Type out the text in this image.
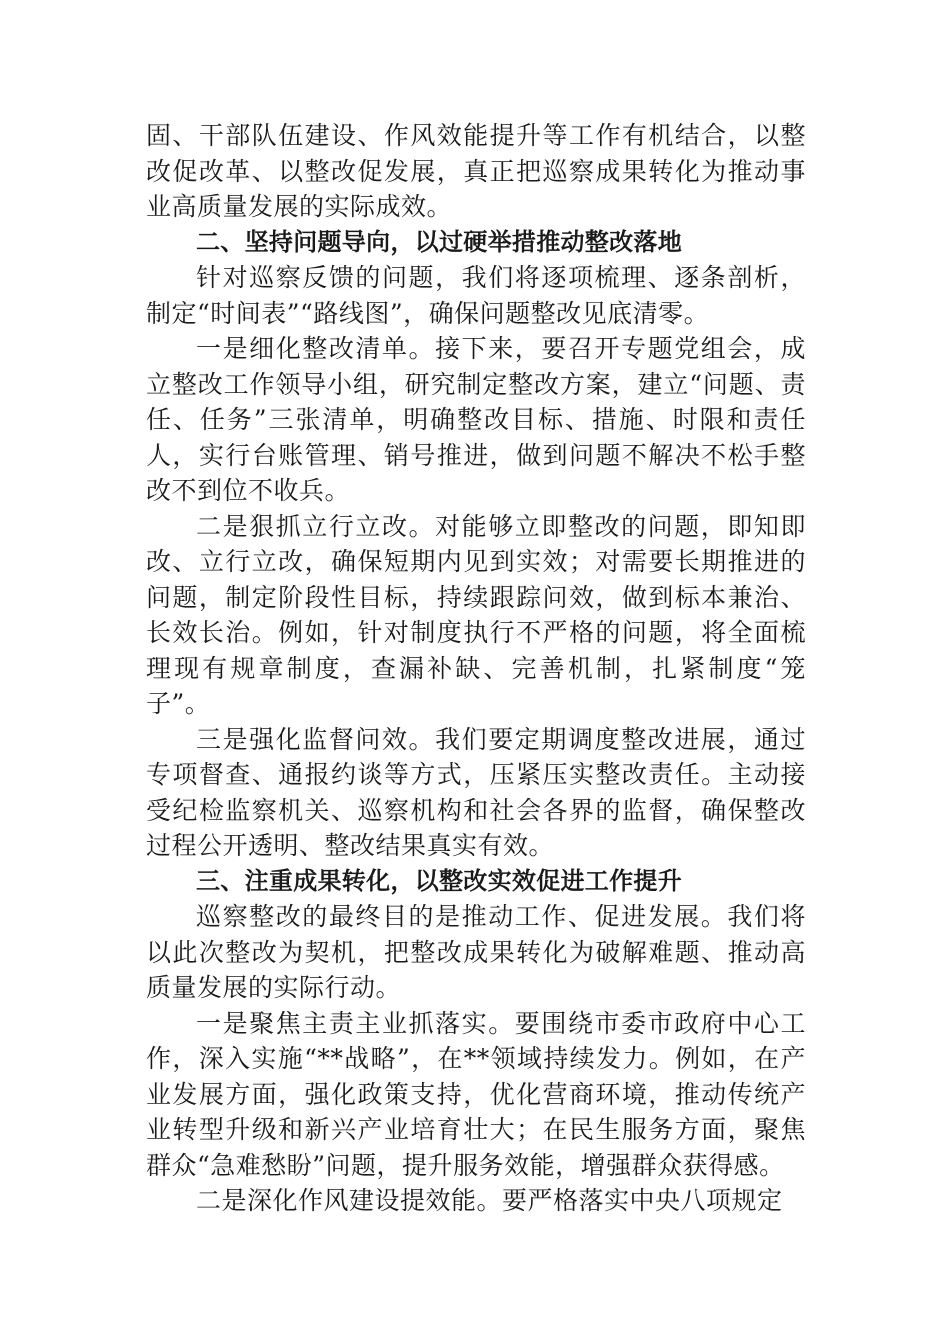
固、干部队伍建设、作风效能提升等工作有机结合，以整改促改革、以整改促发展，真正把巡察成果转化为推动事业高质量发展的实际成效。

二、坚持问题导向，以过硬举措推动整改落地

针对巡察反馈的问题，我们将逐项梳理、逐条剖析，制定“时间表”“路线图”，确保问题整改见底清零。

一是细化整改清单。接下来，要召开专题党组会，成立整改工作领导小组，研究制定整改方案，建立“问题、责任、任务”三张清单，明确整改目标、措施、时限和责任人，实行台账管理、销号推进，做到问题不解决不松手整改不到位不收兵。

二是狠抓立行立改。对能够立即整改的问题，即知即改、立行立改，确保短期内见到实效；对需要长期推进的问题，制定阶段性目标，持续跟踪问效，做到标本兼治、长效长治。例如，针对制度执行不严格的问题，将全面梳理现有规章制度，查漏补缺、完善机制，扎紧制度“笼子”。

三是强化监督问效。我们要定期调度整改进展，通过专项督查、通报约谈等方式，压紧压实整改责任。主动接受纪检监察机关、巡察机构和社会各界的监督，确保整改过程公开透明、整改结果真实有效。

三、注重成果转化，以整改实效促进工作提升

巡察整改的最终目的是推动工作、促进发展。我们将以此次整改为契机，把整改成果转化为破解难题、推动高质量发展的实际行动。

一是聚焦主责主业抓落实。要围绕市委市政府中心工作，深入实施“**战略”，在**领域持续发力。例如，在产业发展方面，强化政策支持，优化营商环境，推动传统产业转型升级和新兴产业培育壮大；在民生服务方面，聚焦群众“急难愁盼”问题，提升服务效能，增强群众获得感。

二是深化作风建设提效能。要严格落实中央八项规定
